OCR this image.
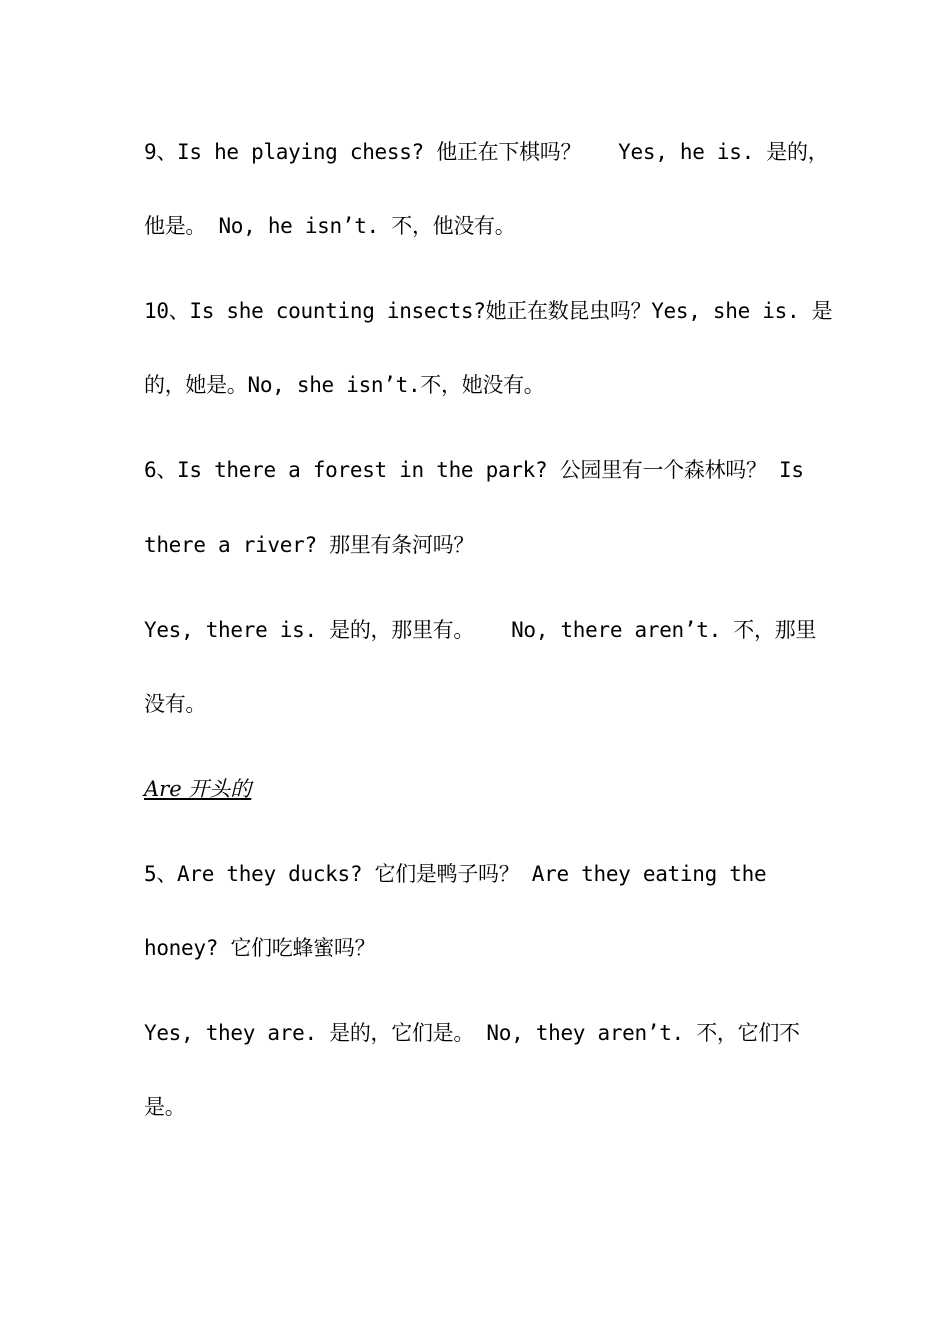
9、Is he playing chess? 他正在下棋吗？   Yes, he is. 是的，
他是。 No, he isn’t. 不，他没有。
10、Is she counting insects?她正在数昆虫吗？Yes, she is. 是
的，她是。No, she isn’t.不，她没有。
6、Is there a forest in the park? 公园里有一个森林吗？ Is
there a river? 那里有条河吗？
Yes, there is. 是的，那里有。   No, there aren’t. 不，那里
没有。
Are 开头的
5、Are they ducks? 它们是鸭子吗？ Are they eating the
honey? 它们吃蜂蜜吗？
Yes, they are. 是的，它们是。 No, they aren’t. 不，它们不
是。
